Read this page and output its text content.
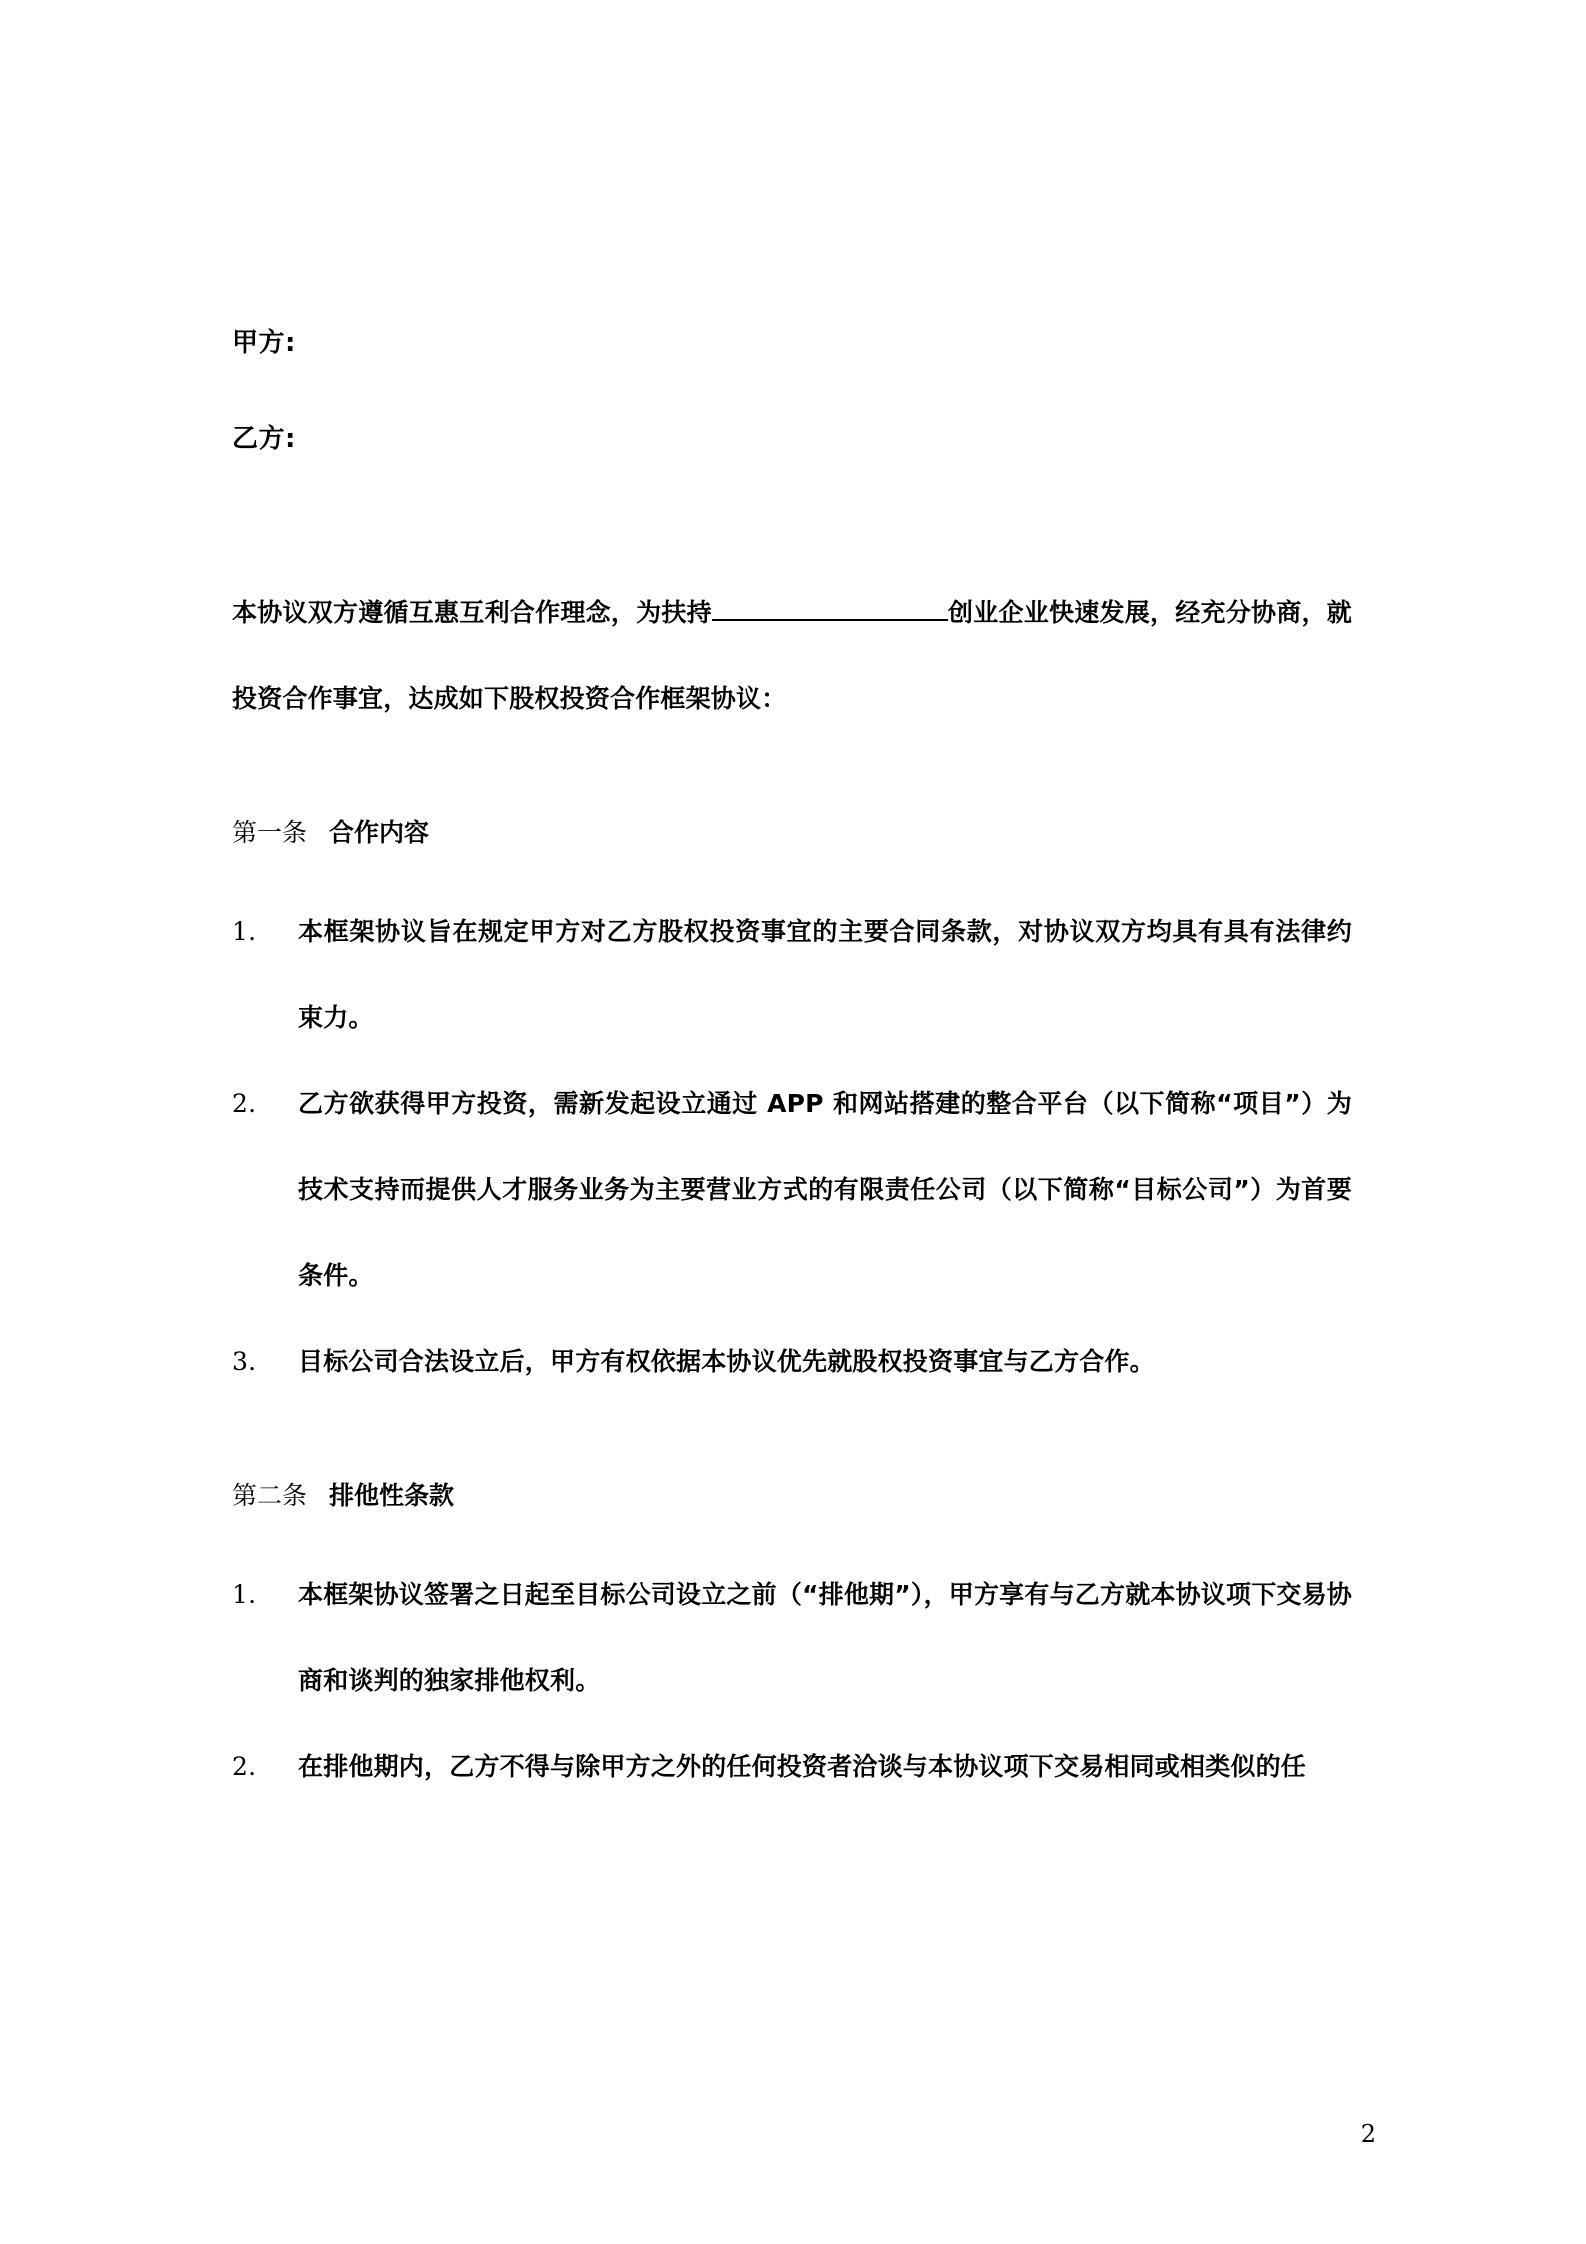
甲方:

乙方:

本协议双方遵循互惠互利合作理念，为扶持	创业企业快速发展，经充分协商，就投资合作事宜，达成如下股权投资合作框架协议：

第一条 合作内容

1. 本框架协议旨在规定甲方对乙方股权投资事宜的主要合同条款，对协议双方均具有具有法律约束力。

2. 乙方欲获得甲方投资，需新发起设立通过 APP 和网站搭建的整合平台（以下简称“项目”）为技术支持而提供人才服务业务为主要营业方式的有限责任公司（以下简称“目标公司”）为首要条件。

3. 目标公司合法设立后，甲方有权依据本协议优先就股权投资事宜与乙方合作。

第二条 排他性条款

1. 本框架协议签署之日起至目标公司设立之前（“排他期”），甲方享有与乙方就本协议项下交易协商和谈判的独家排他权利。

2. 在排他期内，乙方不得与除甲方之外的任何投资者洽谈与本协议项下交易相同或相类似的任

2
